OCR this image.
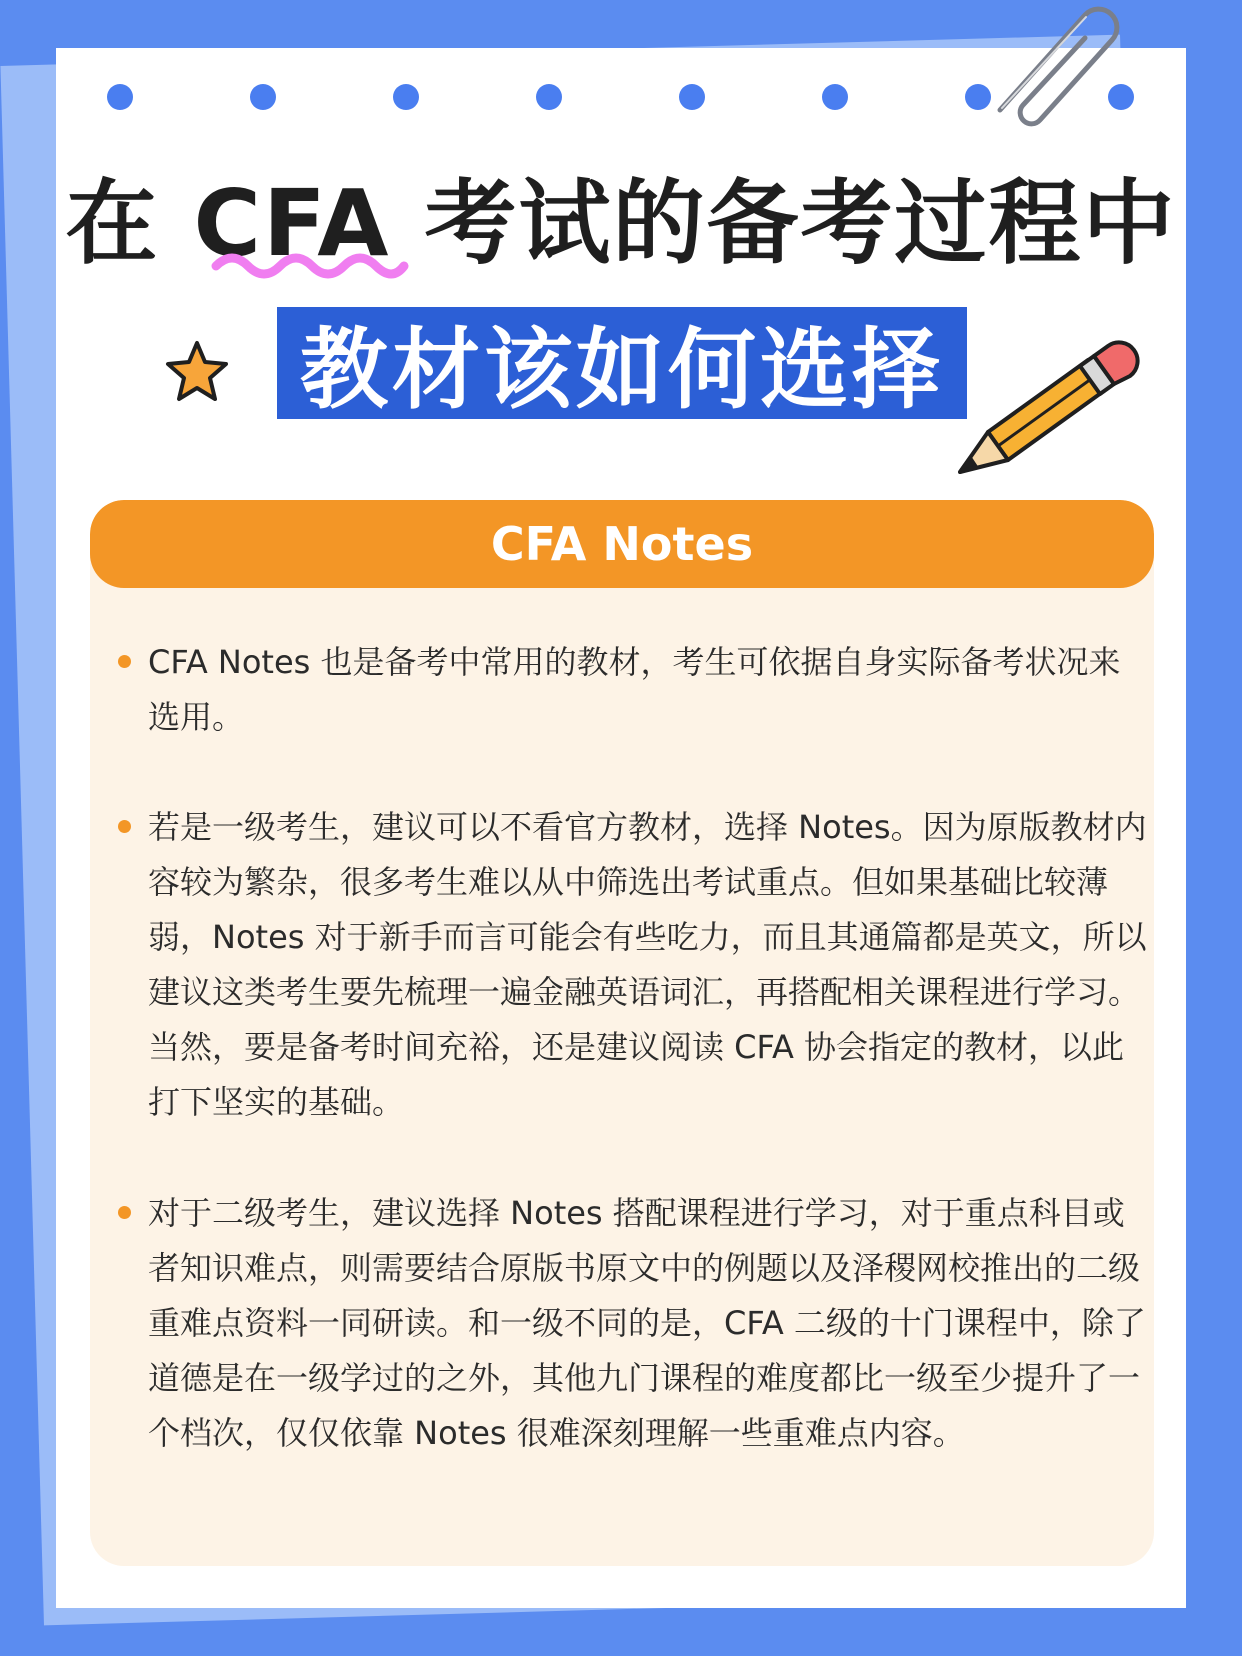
在 CFA 考试的备考过程中
教材该如何选择
CFA Notes
CFA Notes 也是备考中常用的教材，考生可依据自身实际备考状况来选用。
若是一级考生，建议可以不看官方教材，选择 Notes。因为原版教材内容较为繁杂，很多考生难以从中筛选出考试重点。但如果基础比较薄弱，Notes 对于新手而言可能会有些吃力，而且其通篇都是英文，所以建议这类考生要先梳理一遍金融英语词汇，再搭配相关课程进行学习。当然，要是备考时间充裕，还是建议阅读 CFA 协会指定的教材，以此打下坚实的基础。
对于二级考生，建议选择 Notes 搭配课程进行学习，对于重点科目或者知识难点，则需要结合原版书原文中的例题以及泽稷网校推出的二级重难点资料一同研读。和一级不同的是，CFA 二级的十门课程中，除了道德是在一级学过的之外，其他九门课程的难度都比一级至少提升了一个档次，仅仅依靠 Notes 很难深刻理解一些重难点内容。
